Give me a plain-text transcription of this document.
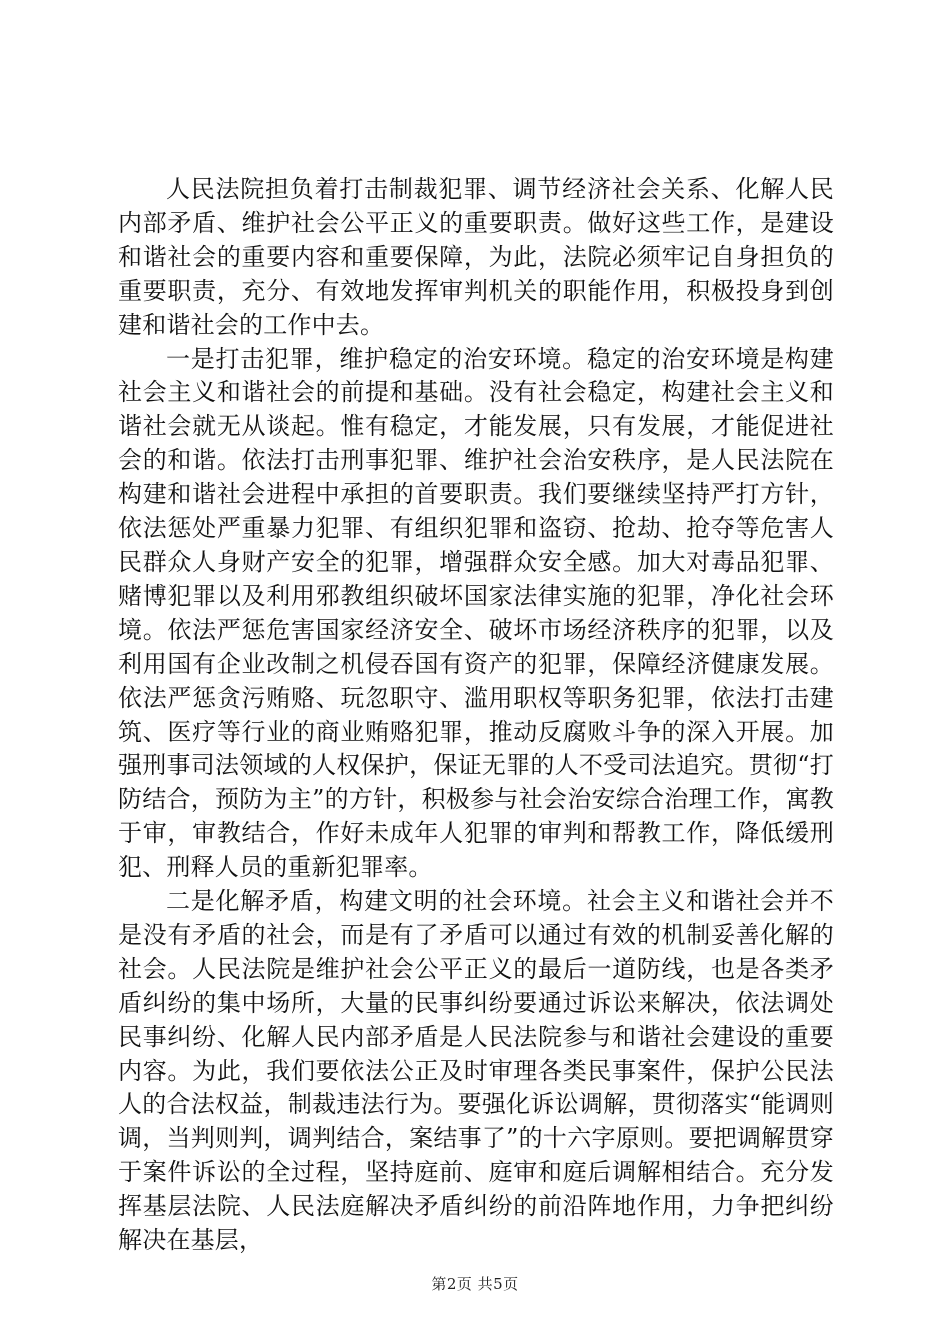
人民法院担负着打击制裁犯罪、调节经济社会关系、化解人民内部矛盾、维护社会公平正义的重要职责。做好这些工作，是建设和谐社会的重要内容和重要保障，为此，法院必须牢记自身担负的重要职责，充分、有效地发挥审判机关的职能作用，积极投身到创建和谐社会的工作中去。

一是打击犯罪，维护稳定的治安环境。稳定的治安环境是构建社会主义和谐社会的前提和基础。没有社会稳定，构建社会主义和谐社会就无从谈起。惟有稳定，才能发展，只有发展，才能促进社会的和谐。依法打击刑事犯罪、维护社会治安秩序，是人民法院在构建和谐社会进程中承担的首要职责。我们要继续坚持严打方针，依法惩处严重暴力犯罪、有组织犯罪和盗窃、抢劫、抢夺等危害人民群众人身财产安全的犯罪，增强群众安全感。加大对毒品犯罪、赌博犯罪以及利用邪教组织破坏国家法律实施的犯罪，净化社会环境。依法严惩危害国家经济安全、破坏市场经济秩序的犯罪，以及利用国有企业改制之机侵吞国有资产的犯罪，保障经济健康发展。依法严惩贪污贿赂、玩忽职守、滥用职权等职务犯罪，依法打击建筑、医疗等行业的商业贿赂犯罪，推动反腐败斗争的深入开展。加强刑事司法领域的人权保护，保证无罪的人不受司法追究。贯彻“打防结合，预防为主”的方针，积极参与社会治安综合治理工作，寓教于审，审教结合，作好未成年人犯罪的审判和帮教工作，降低缓刑犯、刑释人员的重新犯罪率。

二是化解矛盾，构建文明的社会环境。社会主义和谐社会并不是没有矛盾的社会，而是有了矛盾可以通过有效的机制妥善化解的社会。人民法院是维护社会公平正义的最后一道防线，也是各类矛盾纠纷的集中场所，大量的民事纠纷要通过诉讼来解决，依法调处民事纠纷、化解人民内部矛盾是人民法院参与和谐社会建设的重要内容。为此，我们要依法公正及时审理各类民事案件，保护公民法人的合法权益，制裁违法行为。要强化诉讼调解，贯彻落实“能调则调，当判则判，调判结合，案结事了”的十六字原则。要把调解贯穿于案件诉讼的全过程，坚持庭前、庭审和庭后调解相结合。充分发挥基层法院、人民法庭解决矛盾纠纷的前沿阵地作用，力争把纠纷解决在基层，

第2页 共5页
